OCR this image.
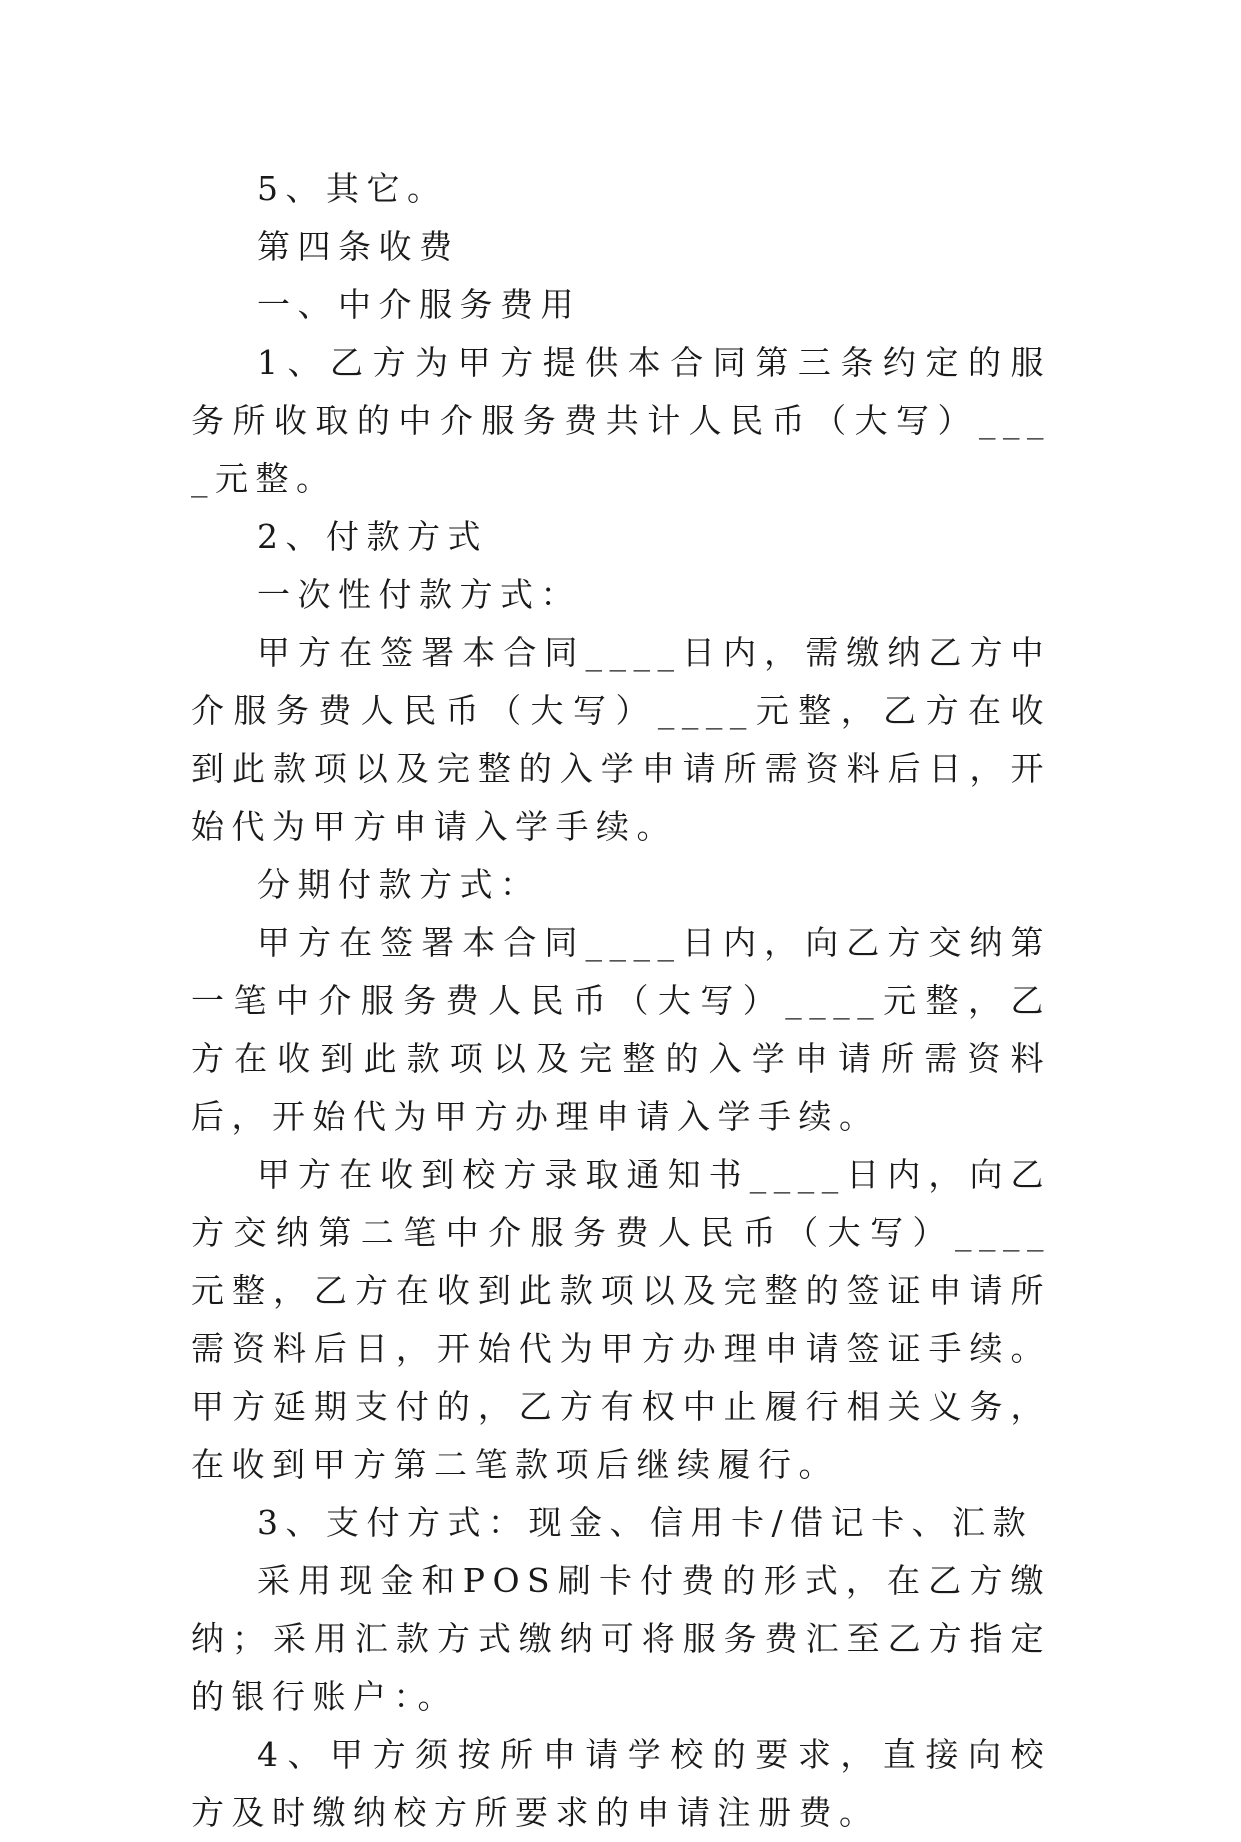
5、其它。

第四条收费

一、中介服务费用

1、乙方为甲方提供本合同第三条约定的服务所收取的中介服务费共计人民币（大写）____元整。

2、付款方式

一次性付款方式：

甲方在签署本合同____日内，需缴纳乙方中介服务费人民币（大写）____元整，乙方在收到此款项以及完整的入学申请所需资料后日，开始代为甲方申请入学手续。

分期付款方式：

甲方在签署本合同____日内，向乙方交纳第一笔中介服务费人民币（大写）____元整，乙方在收到此款项以及完整的入学申请所需资料后，开始代为甲方办理申请入学手续。

甲方在收到校方录取通知书____日内，向乙方交纳第二笔中介服务费人民币（大写）____元整，乙方在收到此款项以及完整的签证申请所需资料后日，开始代为甲方办理申请签证手续。甲方延期支付的，乙方有权中止履行相关义务，在收到甲方第二笔款项后继续履行。

3、支付方式：现金、信用卡/借记卡、汇款

采用现金和POS刷卡付费的形式，在乙方缴纳；采用汇款方式缴纳可将服务费汇至乙方指定的银行账户：。

4、甲方须按所申请学校的要求，直接向校方及时缴纳校方所要求的申请注册费。
